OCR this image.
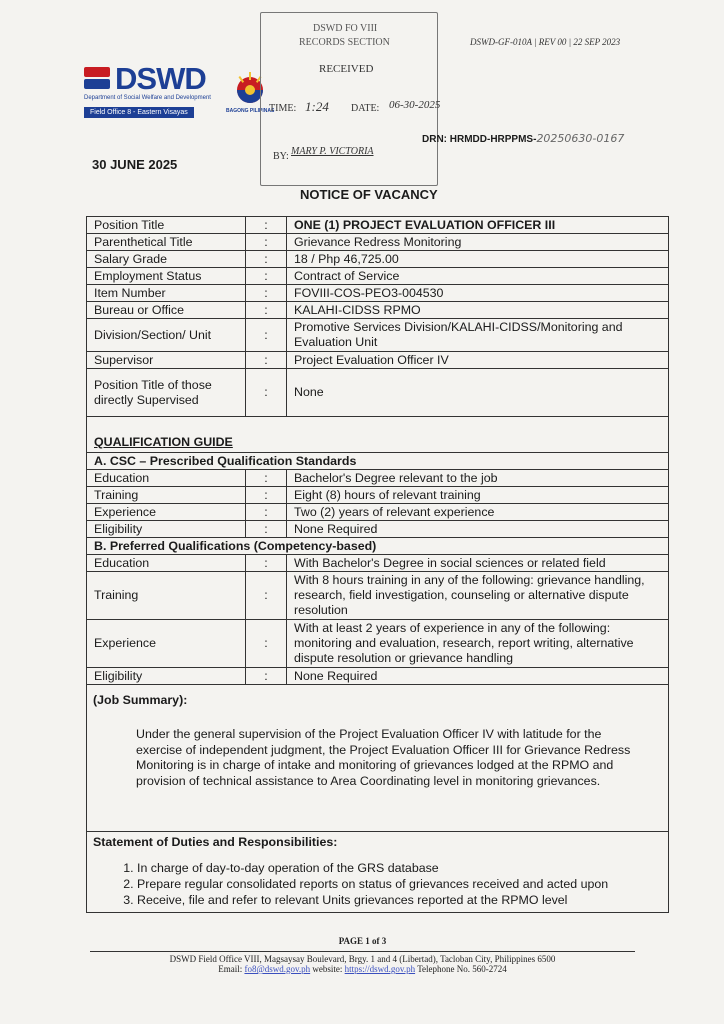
DSWD-GF-010A | REV 00 | 22 SEP 2023
DSWD
Department of Social Welfare and Development
Field Office 8 - Eastern Visayas	BAGONG PILIPINAS
30 JUNE 2025
DSWD FO VIII
RECORDS SECTION
RECEIVED
TIME: 1:24 DATE: 06-30-2025
BY: MARY P. VICTORIA
DRN: HRMDD-HRPPMS-20250630-0167
NOTICE OF VACANCY
Position Title	:	ONE (1) PROJECT EVALUATION OFFICER III
Parenthetical Title	:	Grievance Redress Monitoring
Salary Grade	:	18 / Php 46,725.00
Employment Status	:	Contract of Service
Item Number	:	FOVIII-COS-PEO3-004530
Bureau or Office	:	KALAHI-CIDSS RPMO
Division/Section/ Unit	:	Promotive Services Division/KALAHI-CIDSS/Monitoring and Evaluation Unit
Supervisor	:	Project Evaluation Officer IV
Position Title of those directly Supervised	:	None
QUALIFICATION GUIDE		
A. CSC – Prescribed Qualification Standards		
Education	:	Bachelor's Degree relevant to the job
Training	:	Eight (8) hours of relevant training
Experience	:	Two (2) years of relevant experience
Eligibility	:	None Required
B. Preferred Qualifications (Competency-based)		
Education	:	With Bachelor's Degree in social sciences or related field
Training	:	With 8 hours training in any of the following: grievance handling, research, field investigation, counseling or alternative dispute resolution
Experience	:	With at least 2 years of experience in any of the following: monitoring and evaluation, research, report writing, alternative dispute resolution or grievance handling
Eligibility	:	None Required
(Job Summary):
Under the general supervision of the Project Evaluation Officer IV with latitude for the exercise of independent judgment, the Project Evaluation Officer III for Grievance Redress Monitoring is in charge of intake and monitoring of grievances lodged at the RPMO and provision of technical assistance to Area Coordinating level in monitoring grievances.
Statement of Duties and Responsibilities:
1. In charge of day-to-day operation of the GRS database
2. Prepare regular consolidated reports on status of grievances received and acted upon
3. Receive, file and refer to relevant Units grievances reported at the RPMO level
PAGE 1 of 3
DSWD Field Office VIII, Magsaysay Boulevard, Brgy. 1 and 4 (Libertad), Tacloban City, Philippines 6500
Email: fo8@dswd.gov.ph website: https://dswd.gov.ph Telephone No. 560-2724
